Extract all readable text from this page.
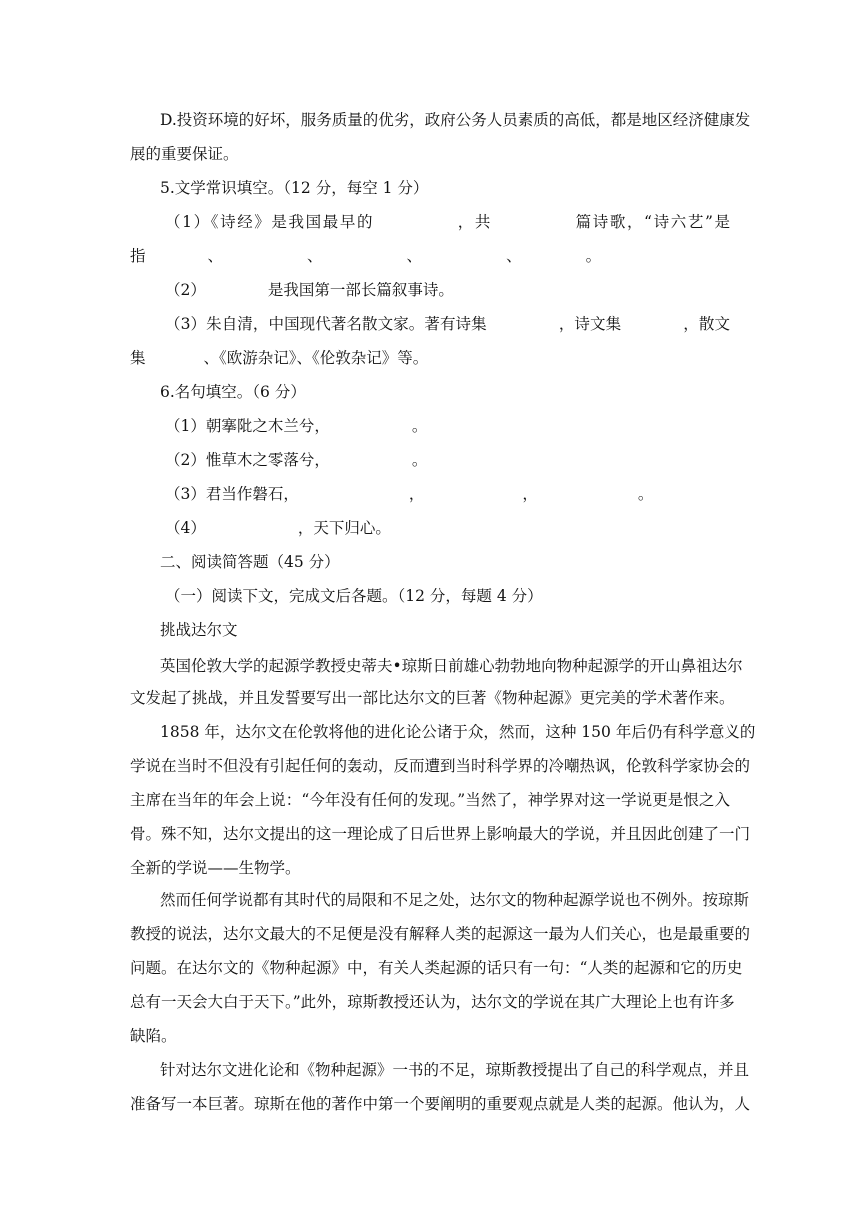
D.投资环境的好坏，服务质量的优劣，政府公务人员素质的高低，都是地区经济健康发
展的重要保证。
5.文学常识填空。（12 分，每空 1 分）
（1）《诗经》是我国最早的	，共	篇诗歌，“诗六艺”是
指	、	、	、	、	。
（2）	是我国第一部长篇叙事诗。
（3）朱自清，中国现代著名散文家。著有诗集	，诗文集	，散文
集	、《欧游杂记》、《伦敦杂记》等。
6.名句填空。（6 分）
（1）朝搴阰之木兰兮，	。
（2）惟草木之零落兮，	。
（3）君当作磐石，	，	，	。
（4）	，天下归心。
二、阅读简答题（45 分）
（一）阅读下文，完成文后各题。（12 分，每题 4 分）
挑战达尔文
英国伦敦大学的起源学教授史蒂夫•琼斯日前雄心勃勃地向物种起源学的开山鼻祖达尔
文发起了挑战，并且发誓要写出一部比达尔文的巨著《物种起源》更完美的学术著作来。
1858 年，达尔文在伦敦将他的进化论公诸于众，然而，这种 150 年后仍有科学意义的
学说在当时不但没有引起任何的轰动，反而遭到当时科学界的冷嘲热讽，伦敦科学家协会的
主席在当年的年会上说：“今年没有任何的发现。”当然了，神学界对这一学说更是恨之入
骨。殊不知，达尔文提出的这一理论成了日后世界上影响最大的学说，并且因此创建了一门
全新的学说——生物学。
然而任何学说都有其时代的局限和不足之处，达尔文的物种起源学说也不例外。按琼斯
教授的说法，达尔文最大的不足便是没有解释人类的起源这一最为人们关心，也是最重要的
问题。在达尔文的《物种起源》中，有关人类起源的话只有一句：“人类的起源和它的历史
总有一天会大白于天下。”此外，琼斯教授还认为，达尔文的学说在其广大理论上也有许多
缺陷。
针对达尔文进化论和《物种起源》一书的不足，琼斯教授提出了自己的科学观点，并且
准备写一本巨著。琼斯在他的著作中第一个要阐明的重要观点就是人类的起源。他认为，人
